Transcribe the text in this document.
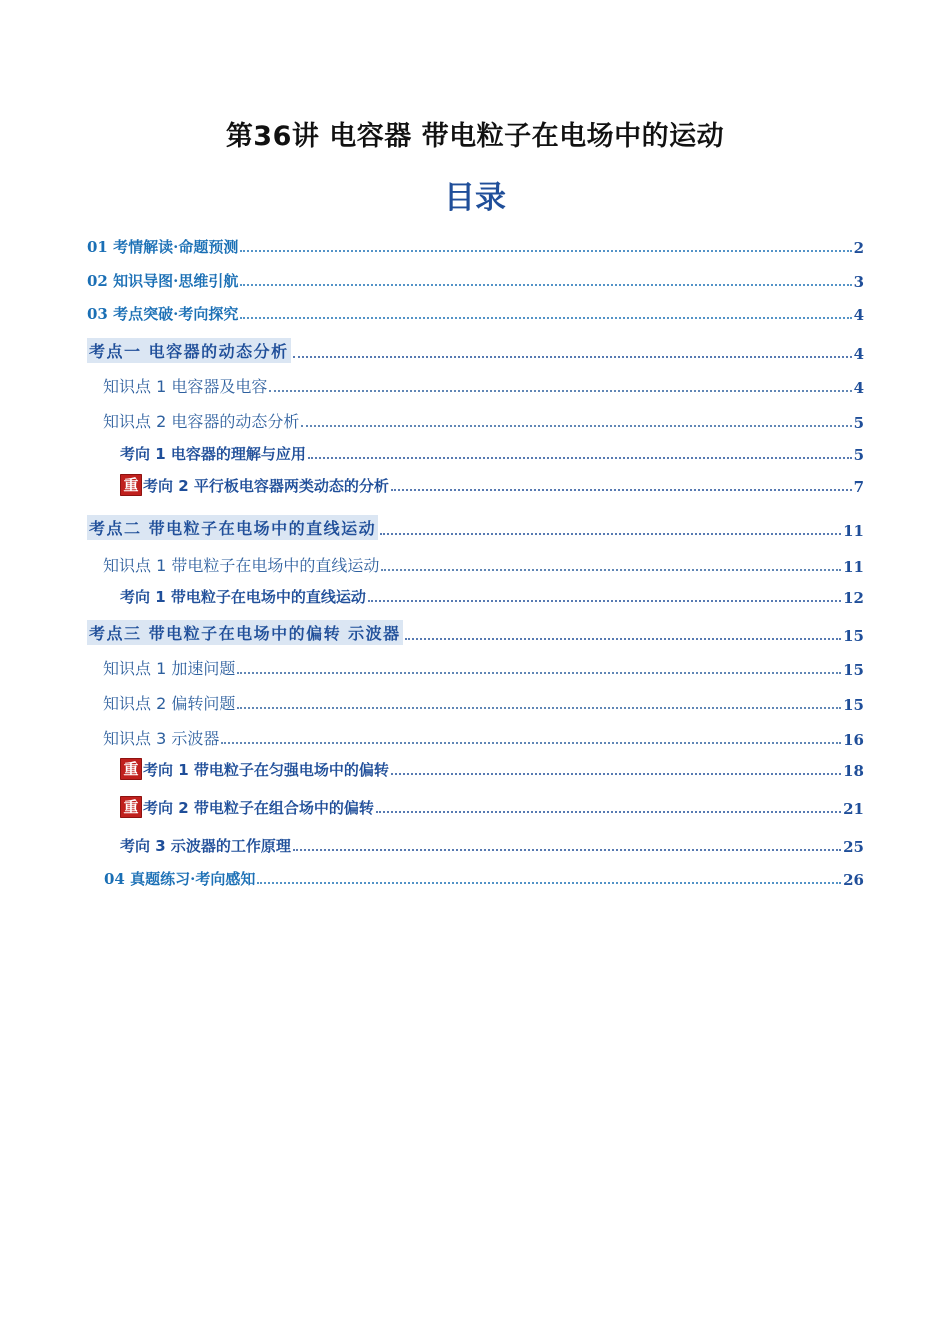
第36讲 电容器 带电粒子在电场中的运动
目录
01 考情解读·命题预测	2
02 知识导图·思维引航	3
03 考点突破·考向探究	4
考点一 电容器的动态分析	4
知识点 1 电容器及电容	4
知识点 2 电容器的动态分析	5
考向 1 电容器的理解与应用	5
重 考向 2 平行板电容器两类动态的分析	7
考点二 带电粒子在电场中的直线运动	11
知识点 1 带电粒子在电场中的直线运动	11
考向 1 带电粒子在电场中的直线运动	12
考点三 带电粒子在电场中的偏转 示波器	15
知识点 1 加速问题	15
知识点 2 偏转问题	15
知识点 3 示波器	16
重 考向 1 带电粒子在匀强电场中的偏转	18
重 考向 2 带电粒子在组合场中的偏转	21
考向 3 示波器的工作原理	25
04 真题练习·考向感知	26
